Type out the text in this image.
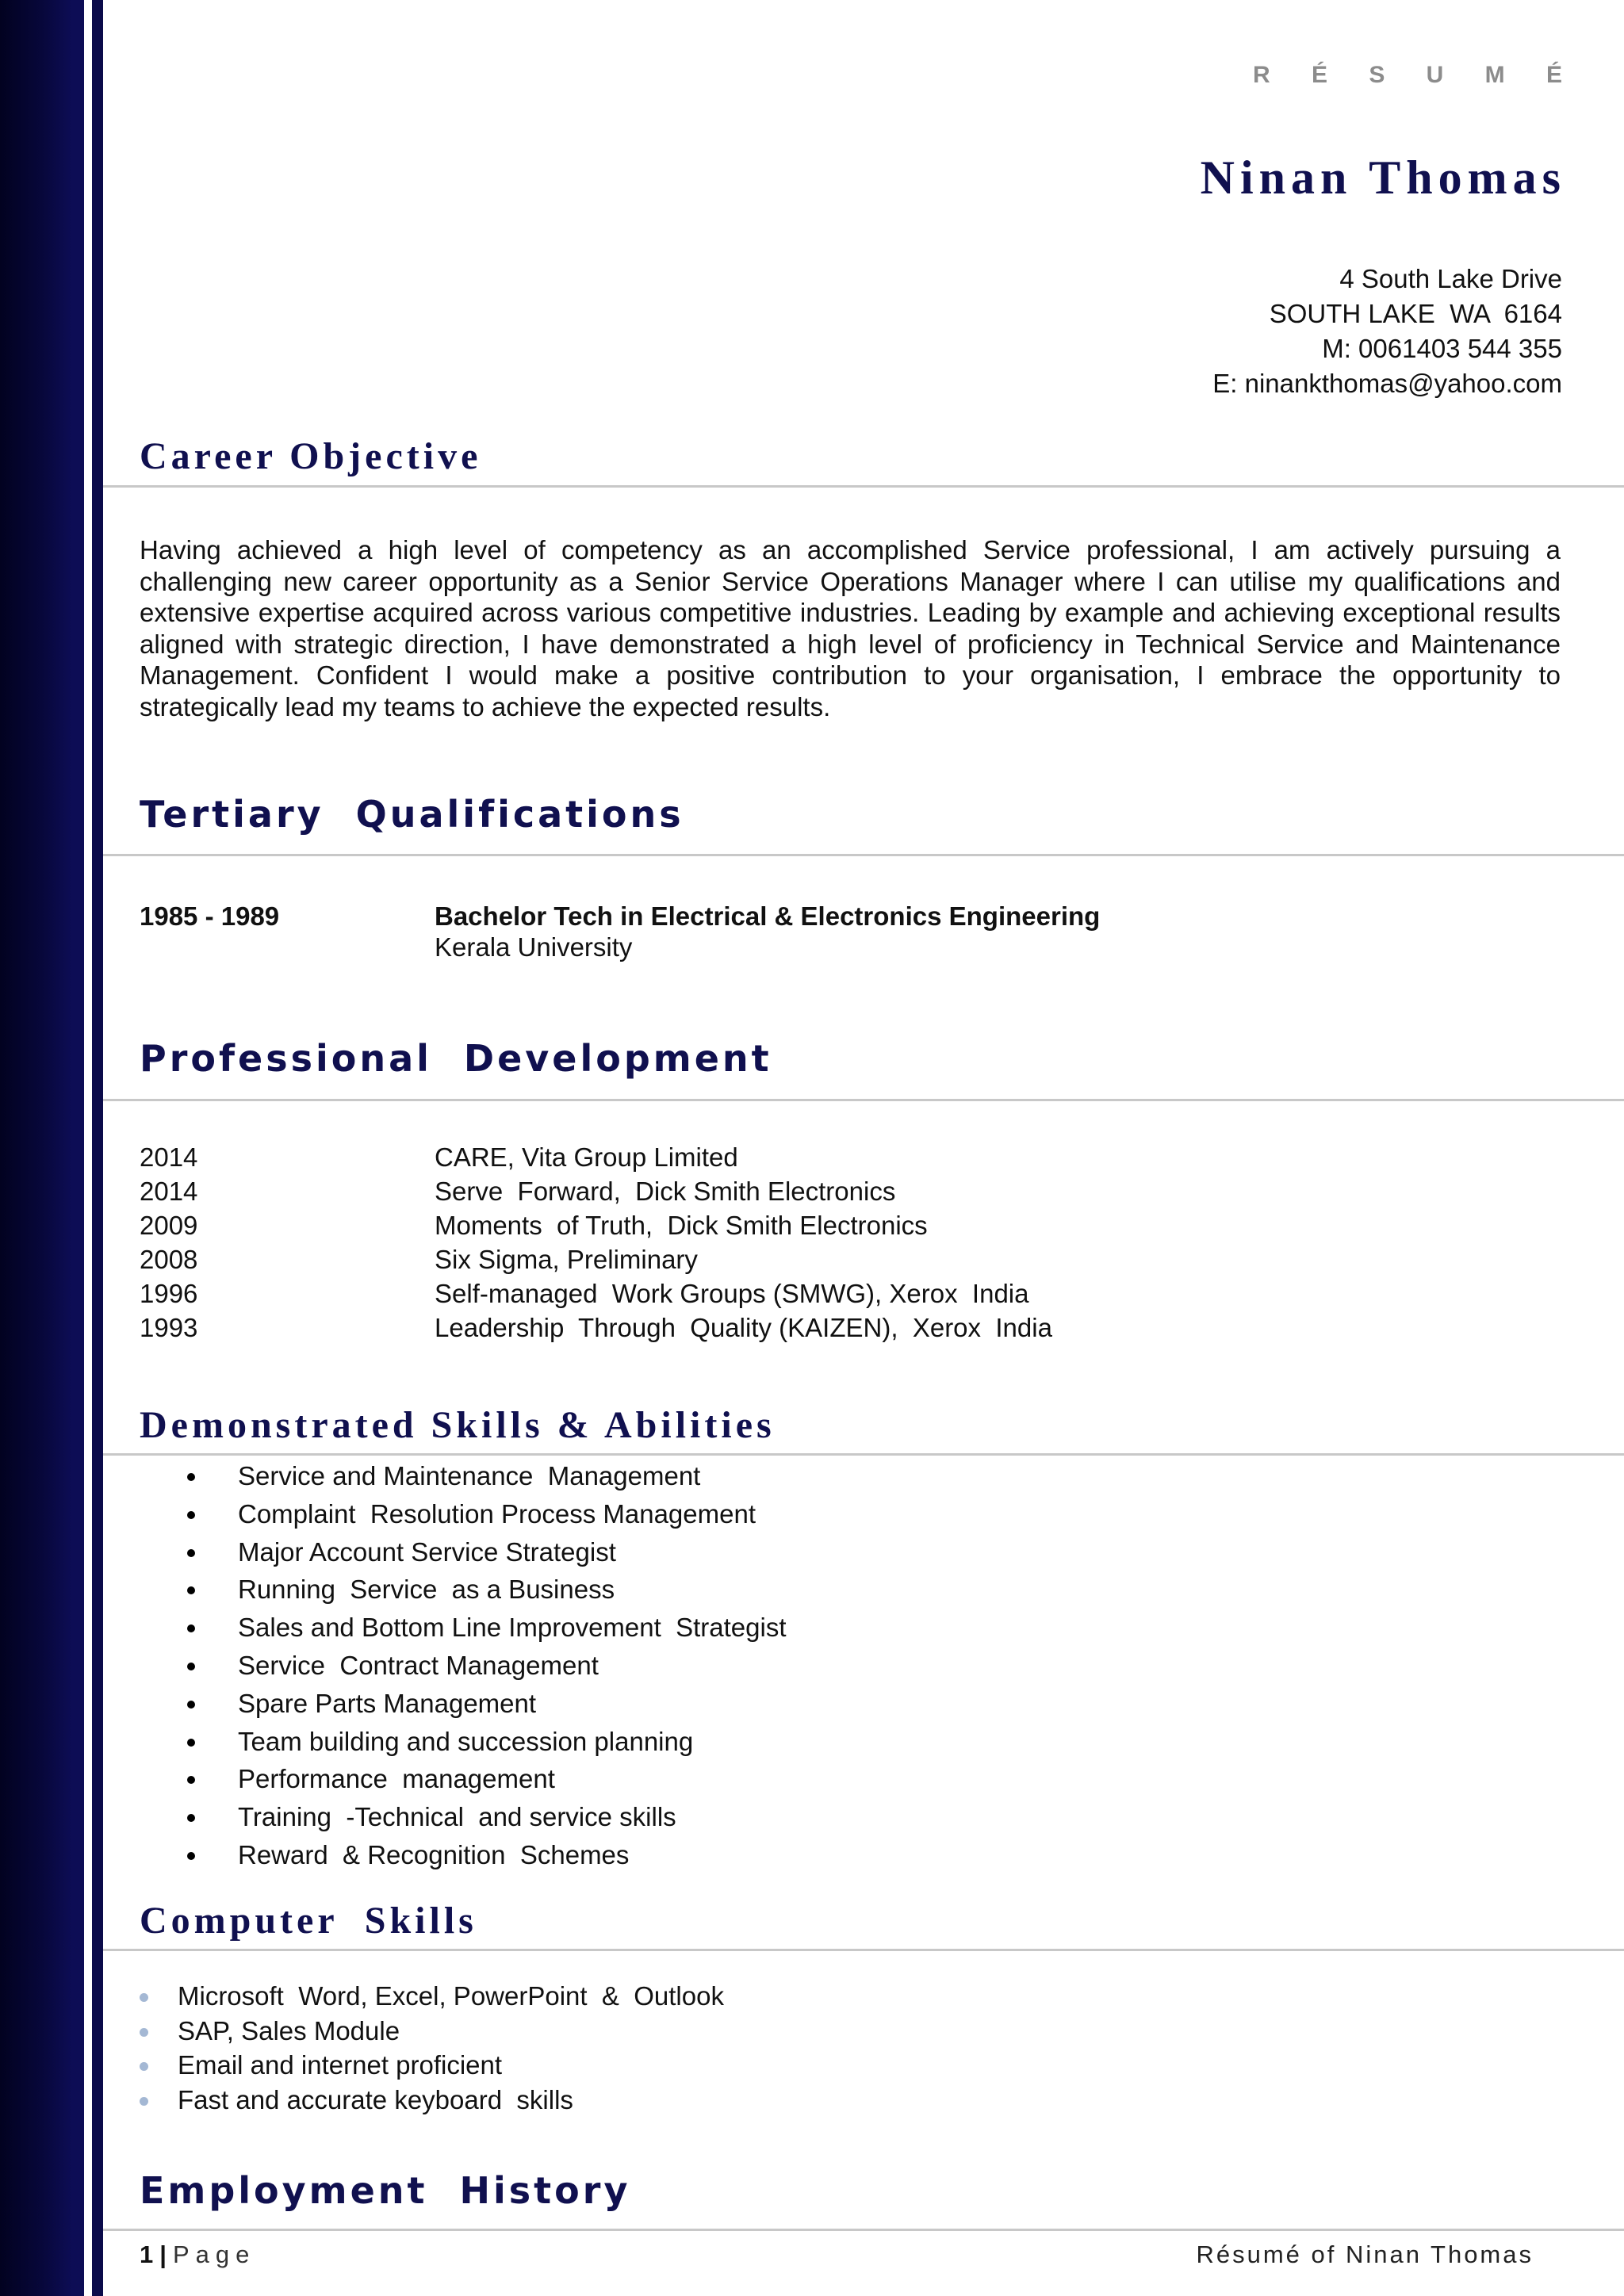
R É S U M É
Ninan Thomas
4 South Lake Drive
SOUTH LAKE  WA  6164
M: 0061403 544 355
E: ninankthomas@yahoo.com
Career Objective
Having achieved a high level of competency as an accomplished Service professional, I am actively pursuing a challenging new career opportunity as a Senior Service Operations Manager where I can utilise my qualifications and extensive expertise acquired across various competitive industries. Leading by example and achieving exceptional results aligned with strategic direction, I have demonstrated a high level of proficiency in Technical Service and Maintenance Management. Confident I would make a positive contribution to your organisation, I embrace the opportunity to strategically lead my teams to achieve the expected results.
Tertiary  Qualifications
1985 - 1989	Bachelor Tech in Electrical & Electronics Engineering
Kerala University
Professional  Development
2014	CARE, Vita Group Limited
2014	Serve  Forward,  Dick Smith Electronics
2009	Moments  of Truth,  Dick Smith Electronics
2008	Six Sigma, Preliminary
1996	Self-managed  Work Groups (SMWG), Xerox  India
1993	Leadership  Through  Quality (KAIZEN),  Xerox  India
Demonstrated Skills & Abilities
Service and Maintenance  Management
Complaint  Resolution Process Management
Major Account Service Strategist
Running  Service  as a Business
Sales and Bottom Line Improvement  Strategist
Service  Contract Management
Spare Parts Management
Team building and succession planning
Performance  management
Training  -Technical  and service skills
Reward  & Recognition  Schemes
Computer  Skills
Microsoft  Word, Excel, PowerPoint  &  Outlook
SAP, Sales Module
Email and internet proficient
Fast and accurate keyboard  skills
Employment  History
1 | Page	Résumé of Ninan Thomas
